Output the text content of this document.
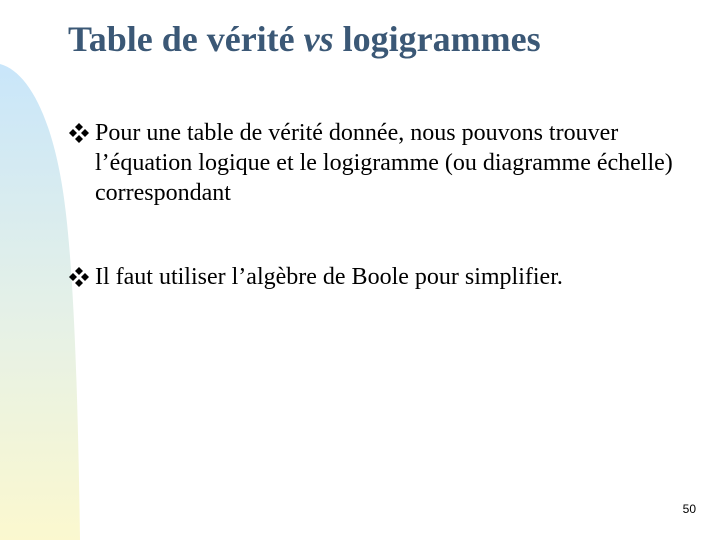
Table de vérité vs logigrammes
Pour une table de vérité donnée, nous pouvons trouver l’équation logique et le logigramme (ou diagramme échelle) correspondant
Il faut utiliser l’algèbre de Boole pour simplifier.
50
